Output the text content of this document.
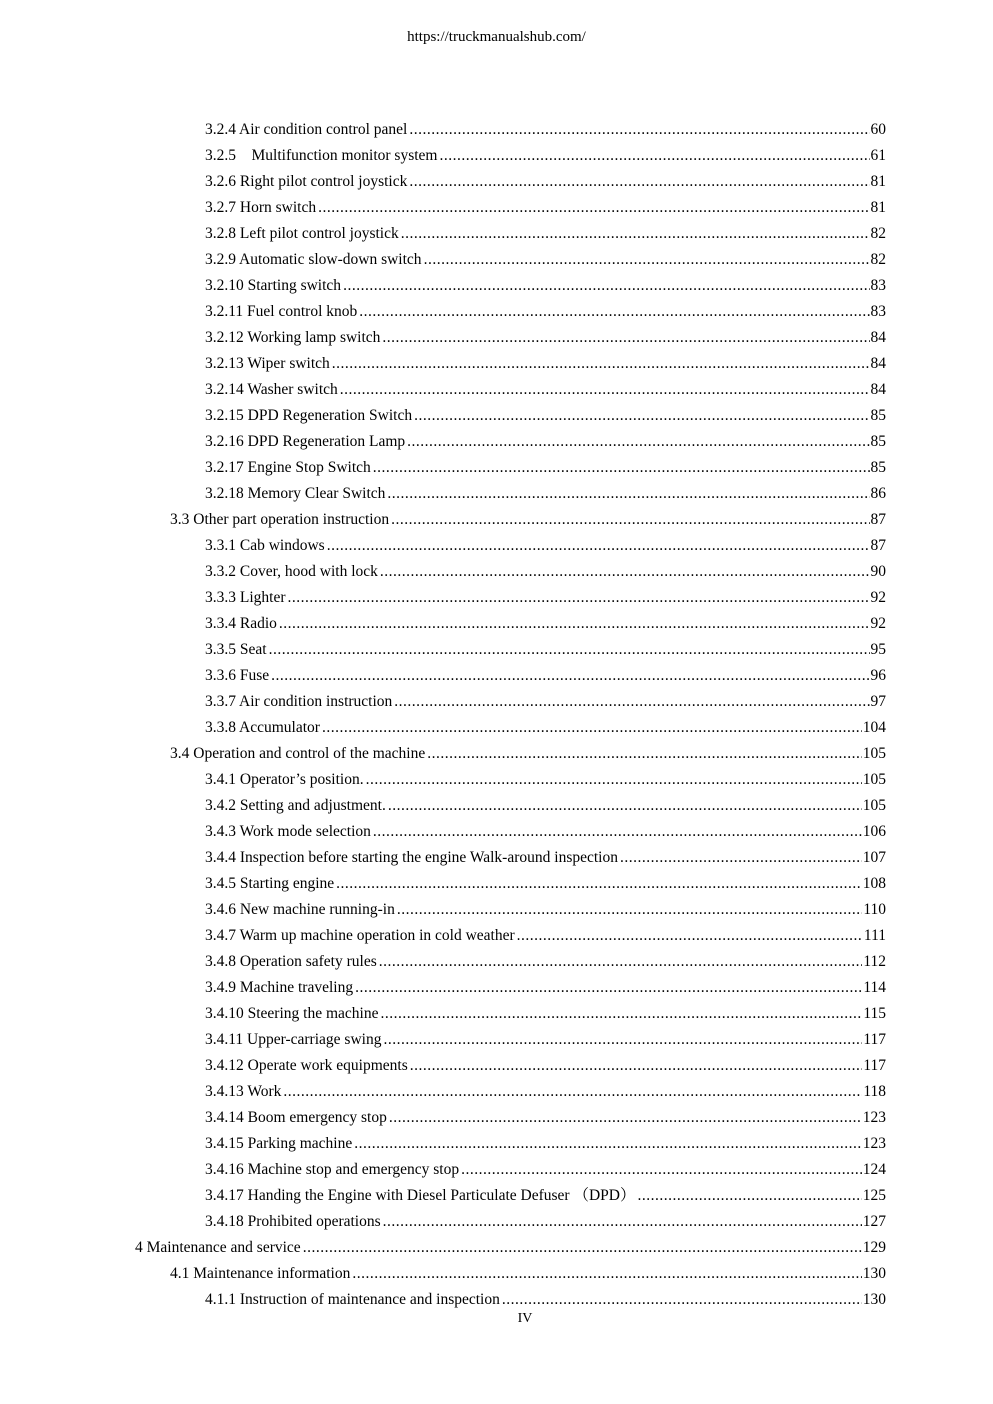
https://truckmanualshub.com/
3.2.4 Air condition control panel .....	60
3.2.5　Multifunction monitor system .....	61
3.2.6 Right pilot control joystick .....	81
3.2.7 Horn switch .....	81
3.2.8 Left pilot control joystick .....	82
3.2.9 Automatic slow-down switch .....	82
3.2.10 Starting switch .....	83
3.2.11 Fuel control knob .....	83
3.2.12 Working lamp switch .....	84
3.2.13 Wiper switch .....	84
3.2.14 Washer switch .....	84
3.2.15 DPD Regeneration Switch .....	85
3.2.16 DPD Regeneration Lamp .....	85
3.2.17 Engine Stop Switch .....	85
3.2.18 Memory Clear Switch .....	86
3.3 Other part operation instruction .....	87
3.3.1 Cab windows .....	87
3.3.2 Cover, hood with lock .....	90
3.3.3 Lighter .....	92
3.3.4 Radio .....	92
3.3.5 Seat .....	95
3.3.6 Fuse .....	96
3.3.7 Air condition instruction .....	97
3.3.8 Accumulator .....	104
3.4 Operation and control of the machine .....	105
3.4.1 Operator’s position. .....	105
3.4.2 Setting and adjustment. .....	105
3.4.3 Work mode selection .....	106
3.4.4 Inspection before starting the engine Walk-around inspection .....	107
3.4.5 Starting engine .....	108
3.4.6 New machine running-in .....	110
3.4.7 Warm up machine operation in cold weather .....	111
3.4.8 Operation safety rules .....	112
3.4.9 Machine traveling .....	114
3.4.10 Steering the machine .....	115
3.4.11 Upper-carriage swing .....	117
3.4.12 Operate work equipments .....	117
3.4.13 Work .....	118
3.4.14 Boom emergency stop .....	123
3.4.15 Parking machine .....	123
3.4.16 Machine stop and emergency stop .....	124
3.4.17 Handing the Engine with Diesel Particulate Defuser （DPD） .....	125
3.4.18 Prohibited operations .....	127
4 Maintenance and service .....	129
4.1 Maintenance information .....	130
4.1.1 Instruction of maintenance and inspection .....	130
IV
